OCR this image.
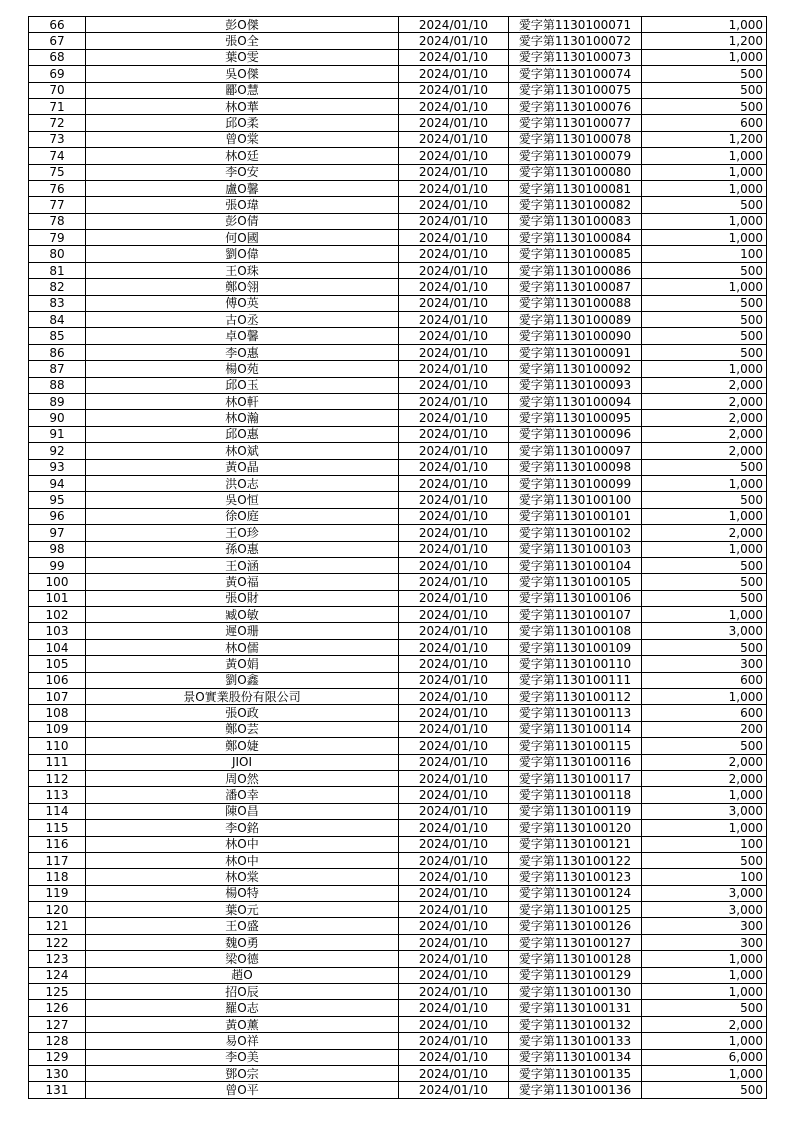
66	彭O傑	2024/01/10	愛字第1130100071	1,000
67	張O全	2024/01/10	愛字第1130100072	1,200
68	葉O雯	2024/01/10	愛字第1130100073	1,000
69	吳O傑	2024/01/10	愛字第1130100074	500
70	酈O慧	2024/01/10	愛字第1130100075	500
71	林O華	2024/01/10	愛字第1130100076	500
72	邱O柔	2024/01/10	愛字第1130100077	600
73	曾O棠	2024/01/10	愛字第1130100078	1,200
74	林O廷	2024/01/10	愛字第1130100079	1,000
75	李O安	2024/01/10	愛字第1130100080	1,000
76	盧O馨	2024/01/10	愛字第1130100081	1,000
77	張O瑋	2024/01/10	愛字第1130100082	500
78	彭O倩	2024/01/10	愛字第1130100083	1,000
79	何O國	2024/01/10	愛字第1130100084	1,000
80	劉O偉	2024/01/10	愛字第1130100085	100
81	王O珠	2024/01/10	愛字第1130100086	500
82	鄭O翎	2024/01/10	愛字第1130100087	1,000
83	傅O英	2024/01/10	愛字第1130100088	500
84	古O丞	2024/01/10	愛字第1130100089	500
85	卓O馨	2024/01/10	愛字第1130100090	500
86	李O惠	2024/01/10	愛字第1130100091	500
87	楊O苑	2024/01/10	愛字第1130100092	1,000
88	邱O玉	2024/01/10	愛字第1130100093	2,000
89	林O軒	2024/01/10	愛字第1130100094	2,000
90	林O瀚	2024/01/10	愛字第1130100095	2,000
91	邱O惠	2024/01/10	愛字第1130100096	2,000
92	林O斌	2024/01/10	愛字第1130100097	2,000
93	黃O晶	2024/01/10	愛字第1130100098	500
94	洪O志	2024/01/10	愛字第1130100099	1,000
95	吳O恒	2024/01/10	愛字第1130100100	500
96	徐O庭	2024/01/10	愛字第1130100101	1,000
97	王O珍	2024/01/10	愛字第1130100102	2,000
98	孫O惠	2024/01/10	愛字第1130100103	1,000
99	王O涵	2024/01/10	愛字第1130100104	500
100	黃O福	2024/01/10	愛字第1130100105	500
101	張O財	2024/01/10	愛字第1130100106	500
102	臧O敏	2024/01/10	愛字第1130100107	1,000
103	遲O珊	2024/01/10	愛字第1130100108	3,000
104	林O儒	2024/01/10	愛字第1130100109	500
105	黃O娟	2024/01/10	愛字第1130100110	300
106	劉O鑫	2024/01/10	愛字第1130100111	600
107	景O實業股份有限公司	2024/01/10	愛字第1130100112	1,000
108	張O政	2024/01/10	愛字第1130100113	600
109	鄭O芸	2024/01/10	愛字第1130100114	200
110	鄭O婕	2024/01/10	愛字第1130100115	500
111	JIOI	2024/01/10	愛字第1130100116	2,000
112	周O然	2024/01/10	愛字第1130100117	2,000
113	潘O幸	2024/01/10	愛字第1130100118	1,000
114	陳O昌	2024/01/10	愛字第1130100119	3,000
115	李O銘	2024/01/10	愛字第1130100120	1,000
116	林O中	2024/01/10	愛字第1130100121	100
117	林O中	2024/01/10	愛字第1130100122	500
118	林O棠	2024/01/10	愛字第1130100123	100
119	楊O特	2024/01/10	愛字第1130100124	3,000
120	葉O元	2024/01/10	愛字第1130100125	3,000
121	王O盛	2024/01/10	愛字第1130100126	300
122	魏O勇	2024/01/10	愛字第1130100127	300
123	梁O德	2024/01/10	愛字第1130100128	1,000
124	趙O	2024/01/10	愛字第1130100129	1,000
125	招O辰	2024/01/10	愛字第1130100130	1,000
126	羅O志	2024/01/10	愛字第1130100131	500
127	黃O薰	2024/01/10	愛字第1130100132	2,000
128	易O祥	2024/01/10	愛字第1130100133	1,000
129	李O美	2024/01/10	愛字第1130100134	6,000
130	鄧O宗	2024/01/10	愛字第1130100135	1,000
131	曾O平	2024/01/10	愛字第1130100136	500
